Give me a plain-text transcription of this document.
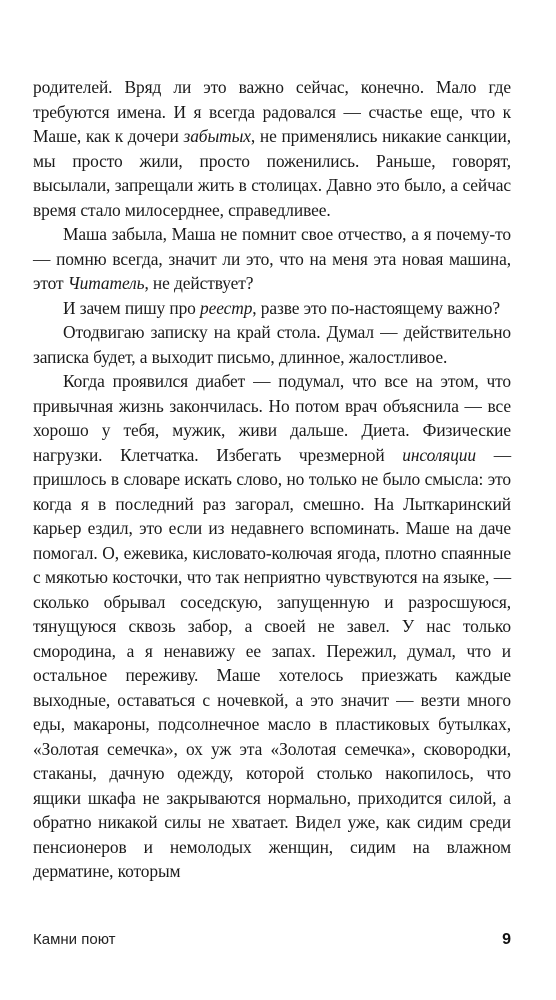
родителей. Вряд ли это важно сейчас, конечно. Мало где требуются имена. И я всегда радовался — счастье еще, что к Маше, как к дочери забытых, не применялись никакие санкции, мы просто жили, просто поженились. Раньше, говорят, высылали, запрещали жить в столицах. Давно это было, а сейчас время стало милосерднее, справедливее.

Маша забыла, Маша не помнит свое отчество, а я почему-то — помню всегда, значит ли это, что на меня эта новая машина, этот Читатель, не действует?

И зачем пишу про реестр, разве это по-настоящему важно?

Отодвигаю записку на край стола. Думал — действительно записка будет, а выходит письмо, длинное, жалостливое.

Когда проявился диабет — подумал, что все на этом, что привычная жизнь закончилась. Но потом врач объяснила — все хорошо у тебя, мужик, живи дальше. Диета. Физические нагрузки. Клетчатка. Избегать чрезмерной инсоляции — пришлось в словаре искать слово, но только не было смысла: это когда я в последний раз загорал, смешно. На Лыткаринский карьер ездил, это если из недавнего вспоминать. Маше на даче помогал. О, ежевика, кисловато-колючая ягода, плотно спаянные с мякотью косточки, что так неприятно чувствуются на языке, — сколько обрывал соседскую, запущенную и разросшуюся, тянущуюся сквозь забор, а своей не завел. У нас только смородина, а я ненавижу ее запах. Пережил, думал, что и остальное переживу. Маше хотелось приезжать каждые выходные, оставаться с ночевкой, а это значит — везти много еды, макароны, подсолнечное масло в пластиковых бутылках, «Золотая семечка», ох уж эта «Золотая семечка», сковородки, стаканы, дачную одежду, которой столько накопилось, что ящики шкафа не закрываются нормально, приходится силой, а обратно никакой силы не хватает. Видел уже, как сидим среди пенсионеров и немолодых женщин, сидим на влажном дерматине, которым

Камни поют	9
